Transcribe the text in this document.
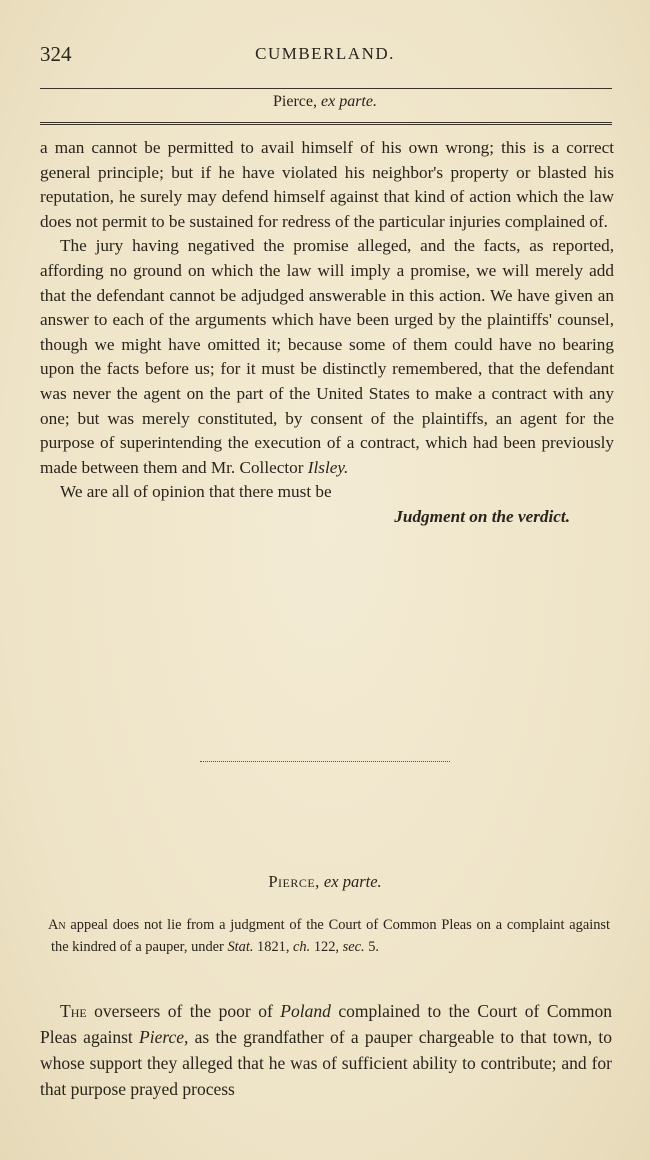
324	CUMBERLAND.
Pierce, ex parte.

a man cannot be permitted to avail himself of his own wrong; this is a correct general principle; but if he have violated his neighbor's property or blasted his reputation, he surely may defend himself against that kind of action which the law does not permit to be sustained for redress of the particular injuries complained of.

The jury having negatived the promise alleged, and the facts, as reported, affording no ground on which the law will imply a promise, we will merely add that the defendant cannot be adjudged answerable in this action. We have given an answer to each of the arguments which have been urged by the plaintiffs' counsel, though we might have omitted it; because some of them could have no bearing upon the facts before us; for it must be distinctly remembered, that the defendant was never the agent on the part of the United States to make a contract with any one; but was merely constituted, by consent of the plaintiffs, an agent for the purpose of superintending the execution of a contract, which had been previously made between them and Mr. Collector Ilsley.

We are all of opinion that there must be

Judgment on the verdict.

Pierce, ex parte.

An appeal does not lie from a judgment of the Court of Common Pleas on a complaint against the kindred of a pauper, under Stat. 1821, ch. 122, sec. 5.

The overseers of the poor of Poland complained to the Court of Common Pleas against Pierce, as the grandfather of a pauper chargeable to that town, to whose support they alleged that he was of sufficient ability to contribute; and for that purpose prayed process
